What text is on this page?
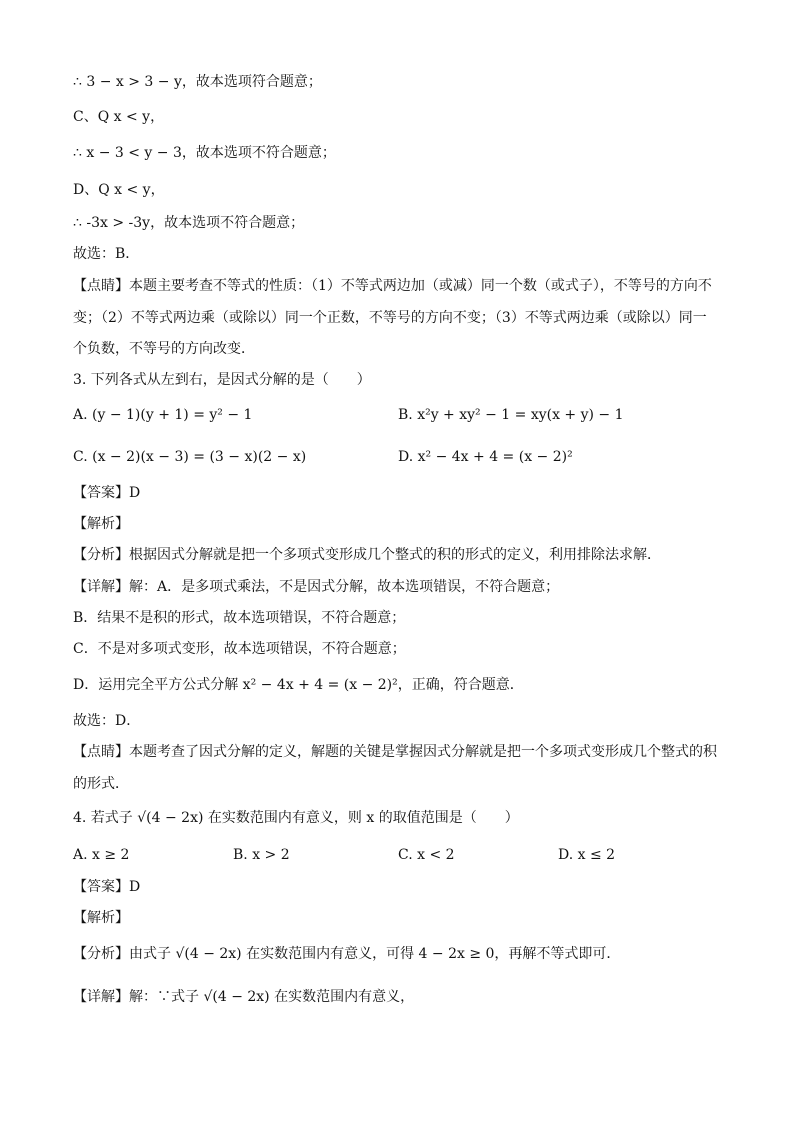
∴ 3 − x > 3 − y，故本选项符合题意；
C、Q x < y，
∴ x − 3 < y − 3，故本选项不符合题意；
D、Q x < y，
∴ -3x > -3y，故本选项不符合题意；
故选：B．
【点睛】本题主要考查不等式的性质：（1）不等式两边加（或减）同一个数（或式子），不等号的方向不
变；（2）不等式两边乘（或除以）同一个正数，不等号的方向不变；（3）不等式两边乘（或除以）同一
个负数，不等号的方向改变．
3. 下列各式从左到右，是因式分解的是（　　）
A. (y − 1)(y + 1) = y² − 1	B. x²y + xy² − 1 = xy(x + y) − 1
C. (x − 2)(x − 3) = (3 − x)(2 − x)	D. x² − 4x + 4 = (x − 2)²
【答案】D
【解析】
【分析】根据因式分解就是把一个多项式变形成几个整式的积的形式的定义，利用排除法求解．
【详解】解：A．是多项式乘法，不是因式分解，故本选项错误，不符合题意；
B．结果不是积的形式，故本选项错误，不符合题意；
C．不是对多项式变形，故本选项错误，不符合题意；
D．运用完全平方公式分解 x² − 4x + 4 = (x − 2)²，正确，符合题意．
故选：D．
【点睛】本题考查了因式分解的定义，解题的关键是掌握因式分解就是把一个多项式变形成几个整式的积
的形式．
4. 若式子 √(4 − 2x) 在实数范围内有意义，则 x 的取值范围是（　　）
A. x ≥ 2	B. x > 2	C. x < 2	D. x ≤ 2
【答案】D
【解析】
【分析】由式子 √(4 − 2x) 在实数范围内有意义，可得 4 − 2x ≥ 0，再解不等式即可．
【详解】解：∵式子 √(4 − 2x) 在实数范围内有意义，
